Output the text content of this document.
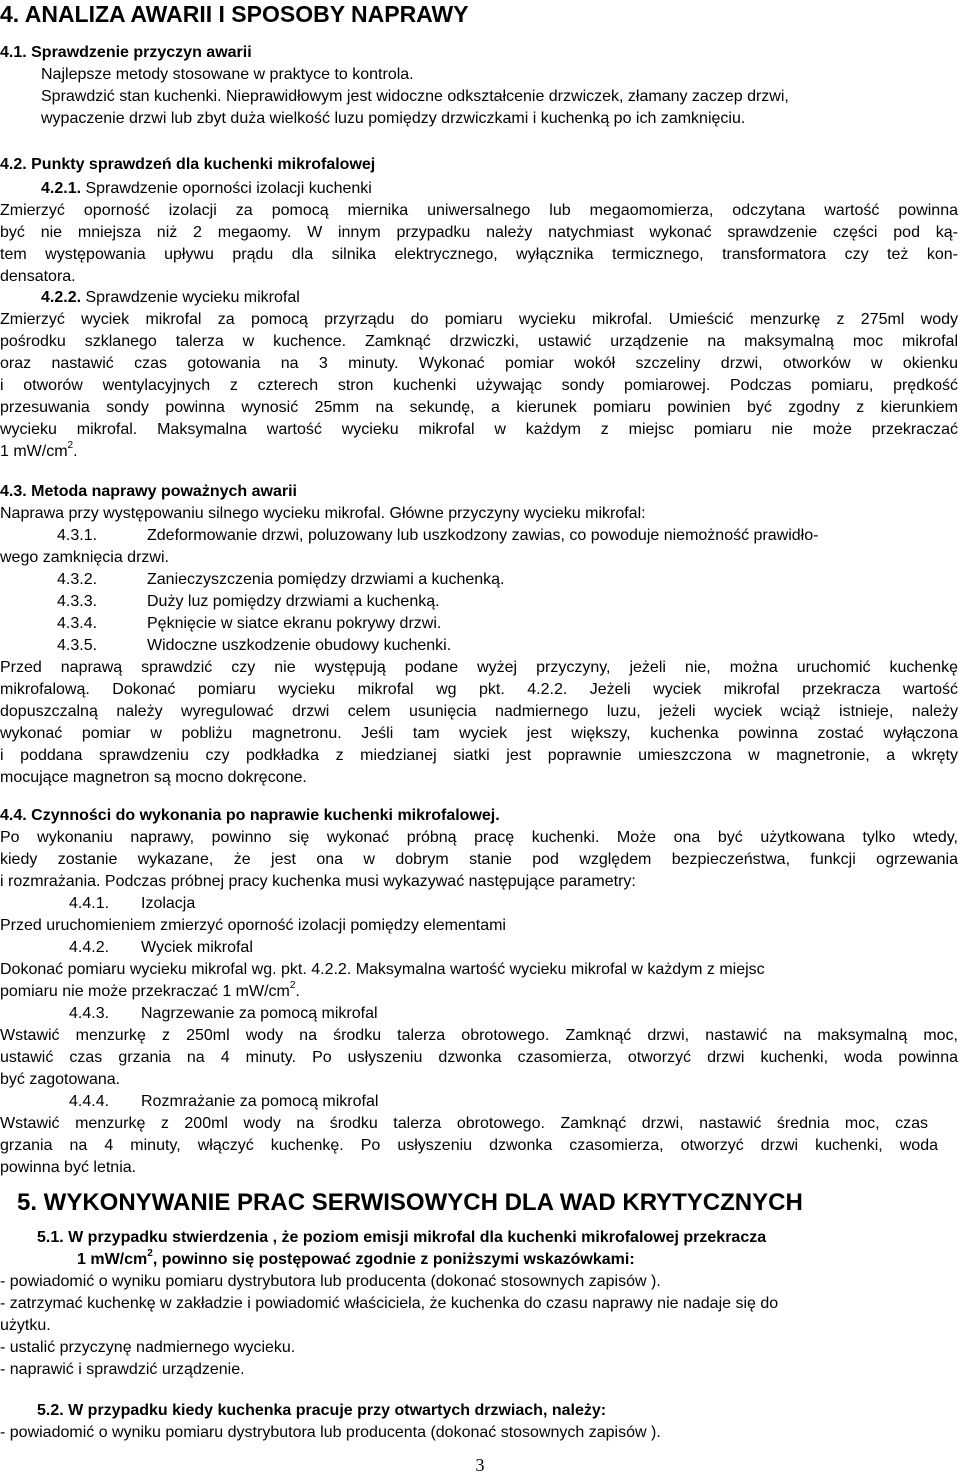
4. ANALIZA AWARII I SPOSOBY NAPRAWY
4.1. Sprawdzenie przyczyn awarii
Najlepsze metody stosowane w praktyce to kontrola.
Sprawdzić stan kuchenki. Nieprawidłowym jest widoczne odkształcenie drzwiczek, złamany zaczep drzwi,
wypaczenie drzwi lub zbyt duża wielkość luzu pomiędzy drzwiczkami i kuchenką po ich zamknięciu.
4.2. Punkty sprawdzeń dla kuchenki mikrofalowej
4.2.1. Sprawdzenie oporności izolacji kuchenki
Zmierzyć oporność izolacji za pomocą miernika uniwersalnego lub megaomomierza, odczytana wartość powinna
być nie mniejsza niż 2 megaomy. W innym przypadku należy natychmiast wykonać sprawdzenie części pod ką-
tem występowania upływu prądu dla silnika elektrycznego, wyłącznika termicznego, transformatora czy też kon-
densatora.
4.2.2. Sprawdzenie wycieku mikrofal
Zmierzyć wyciek mikrofal za pomocą przyrządu do pomiaru wycieku mikrofal. Umieścić menzurkę z 275ml wody
pośrodku szklanego talerza w kuchence. Zamknąć drzwiczki, ustawić urządzenie na maksymalną moc mikrofal
oraz nastawić czas gotowania na 3 minuty. Wykonać pomiar wokół szczeliny drzwi, otworków w okienku
i otworów wentylacyjnych z czterech stron kuchenki używając sondy pomiarowej. Podczas pomiaru, prędkość
przesuwania sondy powinna wynosić 25mm na sekundę, a kierunek pomiaru powinien być zgodny z kierunkiem
wycieku mikrofal. Maksymalna wartość wycieku mikrofal w każdym z miejsc pomiaru nie może przekraczać
1 $mW/cm^2$.
4.3. Metoda naprawy poważnych awarii
Naprawa przy występowaniu silnego wycieku mikrofal. Główne przyczyny wycieku mikrofal:
4.3.1.	Zdeformowanie drzwi, poluzowany lub uszkodzony zawias, co powoduje niemożność prawidło-
wego zamknięcia drzwi.
4.3.2.	Zanieczyszczenia pomiędzy drzwiami a kuchenką.
4.3.3.	Duży luz pomiędzy drzwiami a kuchenką.
4.3.4.	Pęknięcie w siatce ekranu pokrywy drzwi.
4.3.5.	Widoczne uszkodzenie obudowy kuchenki.
Przed naprawą sprawdzić czy nie występują podane wyżej przyczyny, jeżeli nie, można uruchomić kuchenkę
mikrofalową. Dokonać pomiaru wycieku mikrofal wg pkt. 4.2.2. Jeżeli wyciek mikrofal przekracza wartość
dopuszczalną należy wyregulować drzwi celem usunięcia nadmiernego luzu, jeżeli wyciek wciąż istnieje, należy
wykonać pomiar w pobliżu magnetronu. Jeśli tam wyciek jest większy, kuchenka powinna zostać wyłączona
i poddana sprawdzeniu czy podkładka z miedzianej siatki jest poprawnie umieszczona w magnetronie, a wkręty
mocujące magnetron są mocno dokręcone.
4.4. Czynności do wykonania po naprawie kuchenki mikrofalowej.
Po wykonaniu naprawy, powinno się wykonać próbną pracę kuchenki. Może ona być użytkowana tylko wtedy,
kiedy zostanie wykazane, że jest ona w dobrym stanie pod względem bezpieczeństwa, funkcji ogrzewania
i rozmrażania. Podczas próbnej pracy kuchenka musi wykazywać następujące parametry:
4.4.1. Izolacja
Przed uruchomieniem zmierzyć oporność izolacji pomiędzy elementami
4.4.2. Wyciek mikrofal
Dokonać pomiaru wycieku mikrofal wg. pkt. 4.2.2. Maksymalna wartość wycieku mikrofal w każdym z miejsc
pomiaru nie może przekraczać 1 $mW/cm^2$.
4.4.3. Nagrzewanie za pomocą mikrofal
Wstawić menzurkę z 250ml wody na środku talerza obrotowego. Zamknąć drzwi, nastawić na maksymalną moc,
ustawić czas grzania na 4 minuty. Po usłyszeniu dzwonka czasomierza, otworzyć drzwi kuchenki, woda powinna
być zagotowana.
4.4.4. Rozmrażanie za pomocą mikrofal
Wstawić menzurkę z 200ml wody na środku talerza obrotowego. Zamknąć drzwi, nastawić średnia moc, czas
grzania na 4 minuty, włączyć kuchenkę. Po usłyszeniu dzwonka czasomierza, otworzyć drzwi kuchenki, woda
powinna być letnia.
5. WYKONYWANIE PRAC SERWISOWYCH DLA WAD KRYTYCZNYCH
5.1. W przypadku stwierdzenia , że poziom emisji mikrofal dla kuchenki mikrofalowej przekracza
1 $mW/cm^2$, powinno się postępować zgodnie z poniższymi wskazówkami:
- powiadomić o wyniku pomiaru dystrybutora lub producenta (dokonać stosownych zapisów ).
- zatrzymać kuchenkę w zakładzie i powiadomić właściciela, że kuchenka do czasu naprawy nie nadaje się do
użytku.
- ustalić przyczynę nadmiernego wycieku.
- naprawić i sprawdzić urządzenie.
5.2. W przypadku kiedy kuchenka pracuje przy otwartych drzwiach, należy:
- powiadomić o wyniku pomiaru dystrybutora lub producenta (dokonać stosownych zapisów ).
3
